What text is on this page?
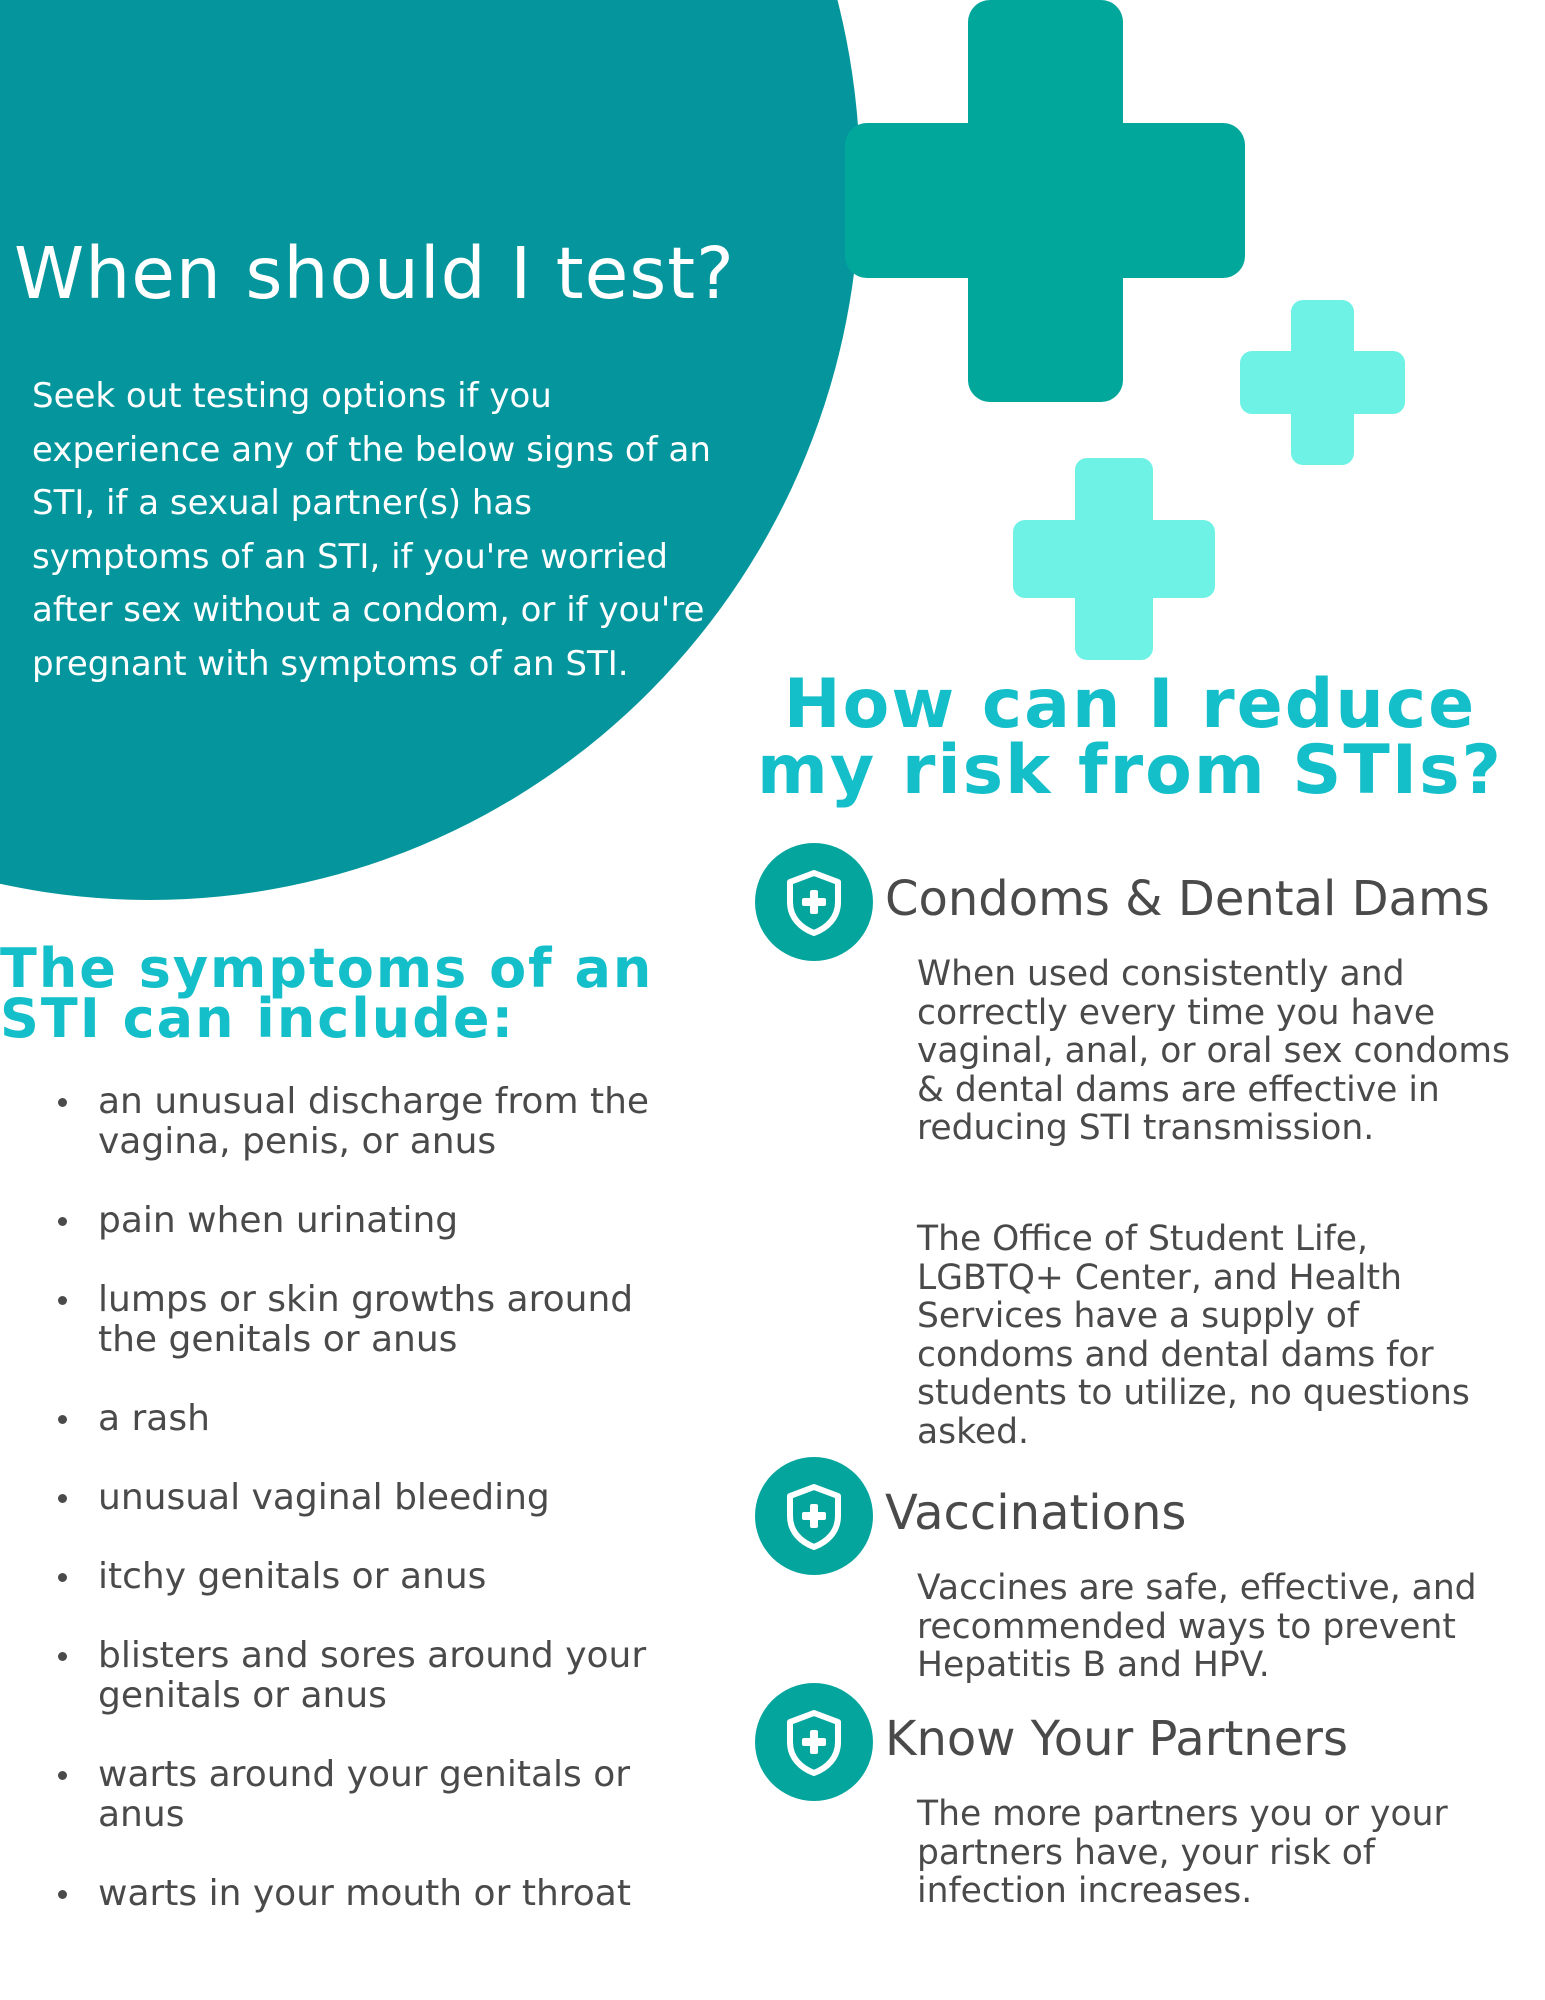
When should I test?

Seek out testing options if you experience any of the below signs of an STI, if a sexual partner(s) has symptoms of an STI, if you're worried after sex without a condom, or if you're pregnant with symptoms of an STI.

The symptoms of an STI can include:
an unusual discharge from the vagina, penis, or anus
pain when urinating
lumps or skin growths around the genitals or anus
a rash
unusual vaginal bleeding
itchy genitals or anus
blisters and sores around your genitals or anus
warts around your genitals or anus
warts in your mouth or throat
How can I reduce my risk from STIs?
Condoms & Dental Dams

When used consistently and correctly every time you have vaginal, anal, or oral sex condoms & dental dams are effective in reducing STI transmission.

The Office of Student Life, LGBTQ+ Center, and Health Services have a supply of condoms and dental dams for students to utilize, no questions asked.

Vaccinations

Vaccines are safe, effective, and recommended ways to prevent Hepatitis B and HPV.

Know Your Partners

The more partners you or your partners have, your risk of infection increases.
